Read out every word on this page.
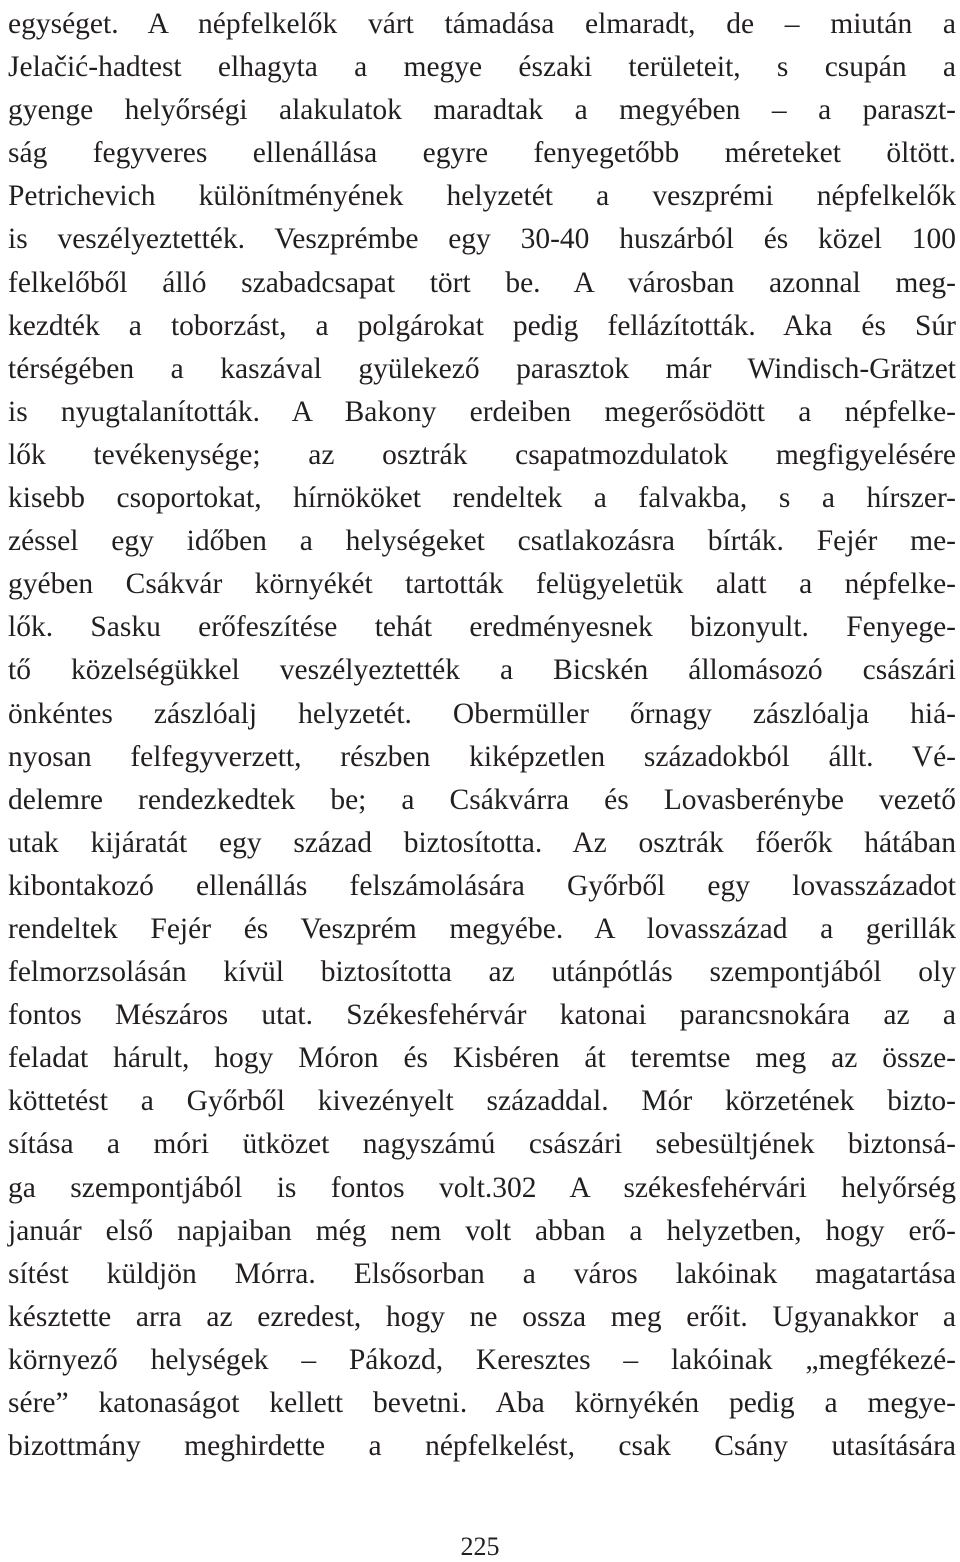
egységet. A népfelkelők várt támadása elmaradt, de – miután a
Jelačić-hadtest elhagyta a megye északi területeit, s csupán a
gyenge helyőrségi alakulatok maradtak a megyében – a paraszt-
ság fegyveres ellenállása egyre fenyegetőbb méreteket öltött.
Petrichevich különítményének helyzetét a veszprémi népfelkelők
is veszélyeztették. Veszprémbe egy 30-40 huszárból és közel 100
felkelőből álló szabadcsapat tört be. A városban azonnal meg-
kezdték a toborzást, a polgárokat pedig fellázították. Aka és Súr
térségében a kaszával gyülekező parasztok már Windisch-Grätzet
is nyugtalanították. A Bakony erdeiben megerősödött a népfelke-
lők tevékenysége; az osztrák csapatmozdulatok megfigyelésére
kisebb csoportokat, hírnököket rendeltek a falvakba, s a hírszer-
zéssel egy időben a helységeket csatlakozásra bírták. Fejér me-
gyében Csákvár környékét tartották felügyeletük alatt a népfelke-
lők. Sasku erőfeszítése tehát eredményesnek bizonyult. Fenyege-
tő közelségükkel veszélyeztették a Bicskén állomásozó császári
önkéntes zászlóalj helyzetét. Obermüller őrnagy zászlóalja hiá-
nyosan felfegyverzett, részben kiképzetlen századokból állt. Vé-
delemre rendezkedtek be; a Csákvárra és Lovasberénybe vezető
utak kijáratát egy század biztosította. Az osztrák főerők hátában
kibontakozó ellenállás felszámolására Győrből egy lovasszázadot
rendeltek Fejér és Veszprém megyébe. A lovasszázad a gerillák
felmorzsolásán kívül biztosította az utánpótlás szempontjából oly
fontos Mészáros utat. Székesfehérvár katonai parancsnokára az a
feladat hárult, hogy Móron és Kisbéren át teremtse meg az össze-
köttetést a Győrből kivezényelt századdal. Mór körzetének bizto-
sítása a móri ütközet nagyszámú császári sebesültjének biztonsá-
ga szempontjából is fontos volt.302 A székesfehérvári helyőrség
január első napjaiban még nem volt abban a helyzetben, hogy erő-
sítést küldjön Mórra. Elsősorban a város lakóinak magatartása
késztette arra az ezredest, hogy ne ossza meg erőit. Ugyanakkor a
környező helységek – Pákozd, Keresztes – lakóinak „megfékezé-
sére” katonaságot kellett bevetni. Aba környékén pedig a megye-
bizottmány meghirdette a népfelkelést, csak Csány utasítására
225
